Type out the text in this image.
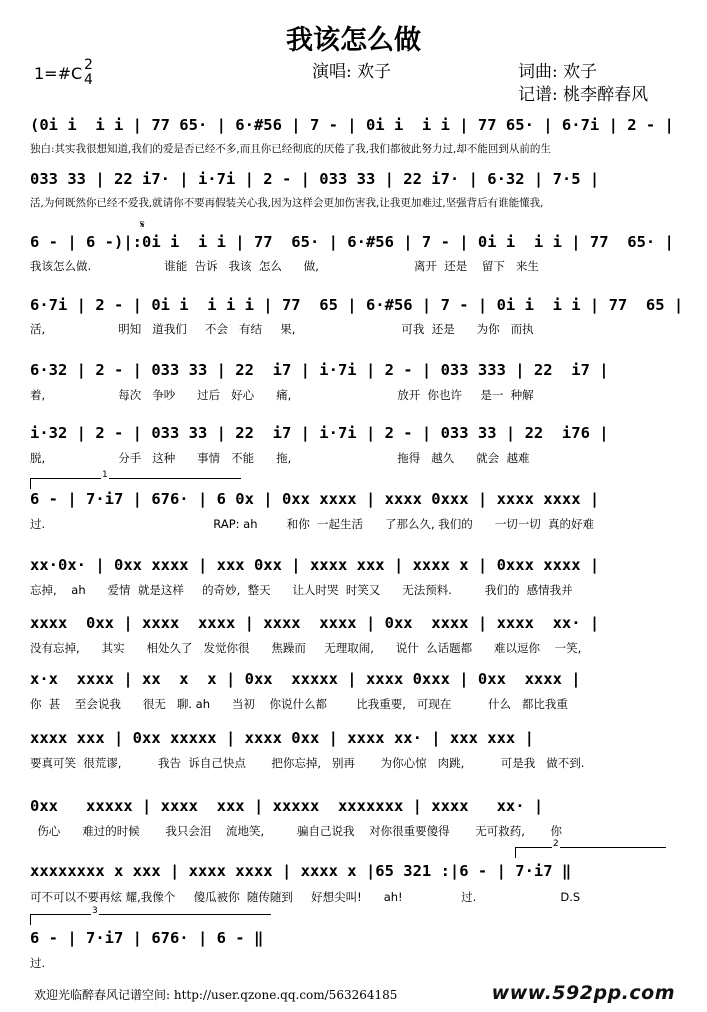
我该怎么做
1=#C 2
4	演唱: 欢子	词曲: 欢子
记谱: 桃李醉春风
(0i i  i i | 77 65· | 6·#56 | 7 - | 0i i  i i | 77 65· | 6·7i | 2 - |
独白:其实我很想知道,我们的爱是否已经不多,而且你已经彻底的厌倦了我,我们都彼此努力过,却不能回到从前的生
033 33 | 22 i7· | i·7i | 2 - | 033 33 | 22 i7· | 6·32 | 7·5 |
活,为何既然你已经不爱我,就请你不要再假装关心我,因为这样会更加伤害我,让我更加难过,坚强背后有谁能懂我,
𝄋
6 - | 6 -)|:0i i  i i | 77  65· | 6·#56 | 7 - | 0i i  i i | 77  65· |
我该怎么做.                    谁能  告诉   我该  怎么      做,                          离开  还是    留下   来生
6·7i | 2 - | 0i i  i i i | 77  65 | 6·#56 | 7 - | 0i i  i i | 77  65 |
活,                    明知   道我们     不会   有结     果,                             可我  还是      为你   而执
6·32 | 2 - | 033 33 | 22  i7 | i·7i | 2 - | 033 333 | 22  i7 |
着,                    每次   争吵      过后   好心      痛,                             放开  你也许     是一  种解
i·32 | 2 - | 033 33 | 22  i7 | i·7i | 2 - | 033 33 | 22  i76 |
脱,                    分手   这种      事情   不能      拖,                             拖得   越久      就会  越难
1
6 - | 7·i7 | 676· | 6 0x | 0xx xxxx | xxxx 0xxx | xxxx xxxx |
过.                                              RAP: ah        和你  一起生活      了那么久, 我们的      一切一切  真的好难
xx·0x· | 0xx xxxx | xxx 0xx | xxxx xxx | xxxx x | 0xxx xxxx |
忘掉,    ah      爱情  就是这样     的奇妙,  整天      让人时哭  时笑又      无法预料.         我们的  感情我并
xxxx  0xx | xxxx  xxxx | xxxx  xxxx | 0xx  xxxx | xxxx  xx· |
没有忘掉,      其实      相处久了   发觉你很      焦躁而     无理取闹,      说什  么话题都      难以逗你    一笑,
x·x  xxxx | xx  x  x | 0xx  xxxxx | xxxx 0xxx | 0xx  xxxx |
你  甚    至会说我      很无   聊. ah      当初    你说什么都        比我重要,   可现在          什么   都比我重
xxxx xxx | 0xx xxxxx | xxxx 0xx | xxxx xx· | xxx xxx |
要真可笑  很荒谬,          我告  诉自己快点       把你忘掉,   别再       为你心惊   肉跳,          可是我   做不到.
0xx   xxxxx | xxxx  xxx | xxxxx  xxxxxxx | xxxx   xx· |
伤心      难过的时候       我只会泪    流地笑,         骗自己说我    对你很重要傻得       无可救药,       你
2
xxxxxxxx x xxx | xxxx xxxx | xxxx x |65 321 :|6 - | 7·i7 ‖
可不可以不要再炫 耀,我像个     傻瓜被你  随传随到     好想尖叫!      ah!                过.                       D.S
3
6 - | 7·i7 | 676· | 6 - ‖
过.
欢迎光临醉春风记谱空间: http://user.qzone.qq.com/563264185	www.592pp.com
